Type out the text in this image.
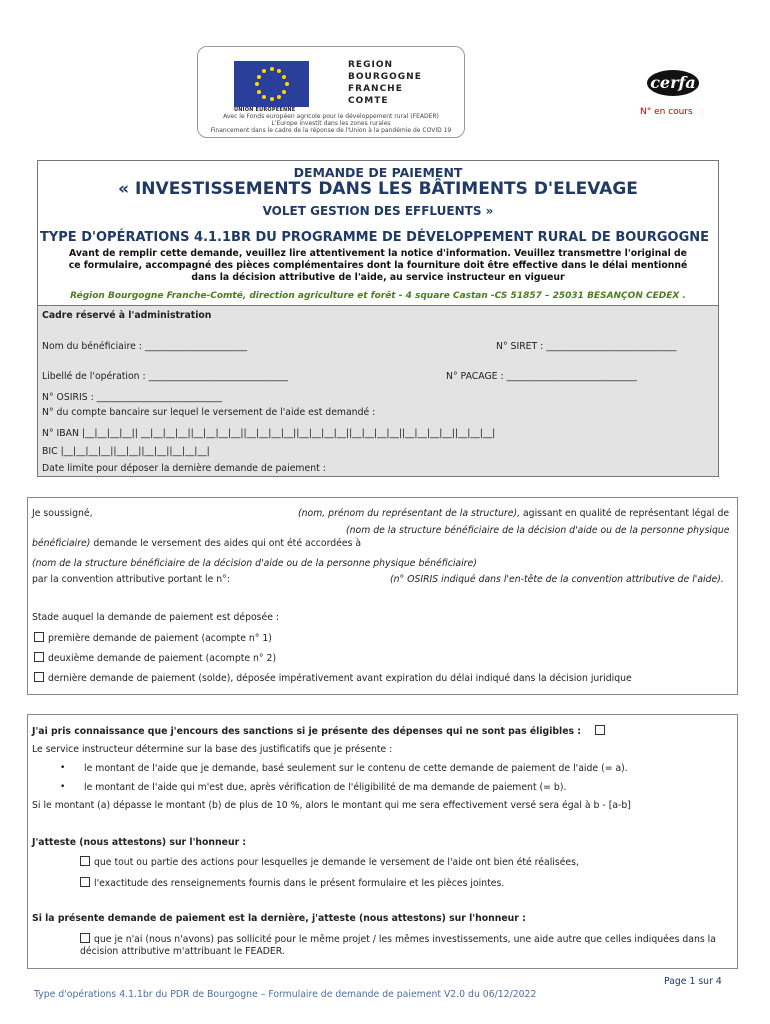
UNION EUROPEENNE
REGION
BOURGOGNE
FRANCHE
COMTE
Avec le Fonds européen agricole pour le développement rural (FEADER)
L'Europe investit dans les zones rurales
Financement dans le cadre de la réponse de l'Union à la pandémie de COVID 19
cerfa
N° en cours
DEMANDE DE PAIEMENT
« INVESTISSEMENTS DANS LES BÂTIMENTS D'ELEVAGE
VOLET GESTION DES EFFLUENTS »
TYPE D'OPÉRATIONS 4.1.1BR DU PROGRAMME DE DÉVELOPPEMENT RURAL DE BOURGOGNE
Avant de remplir cette demande, veuillez lire attentivement la notice d'information. Veuillez transmettre l'original de ce formulaire, accompagné des pièces complémentaires dont la fourniture doit être effective dans le délai mentionné dans la décision attributive de l'aide, au service instructeur en vigueur
Région Bourgogne Franche-Comté, direction agriculture et forêt - 4 square Castan -CS 51857 – 25031 BESANÇON CEDEX .
Cadre réservé à l'administration
Nom du bénéficiaire : ______________________	N° SIRET : ____________________________
Libellé de l'opération : ______________________________	N° PACAGE : ____________________________
N° OSIRIS : ___________________________
N° du compte bancaire sur lequel le versement de l'aide est demandé :
N° IBAN |__|__|__|__|| __|__|__|__||__|__|__|__||__|__|__|__||__|__|__|__||__|__|__|__||__|__|__|__||__|__|__|
BIC |__|__|__|__||__|__||__|__||__|__|__|
Date limite pour déposer la dernière demande de paiement :
Je soussigné,	(nom, prénom du représentant de la structure), agissant en qualité de représentant légal de
(nom de la structure bénéficiaire de la décision d'aide ou de la personne physique
bénéficiaire) demande le versement des aides qui ont été accordées à
(nom de la structure bénéficiaire de la décision d'aide ou de la personne physique bénéficiaire)
par la convention attributive portant le n°:	(n° OSIRIS indiqué dans l'en-tête de la convention attributive de l'aide).
Stade auquel la demande de paiement est déposée :
première demande de paiement (acompte n° 1)
deuxième demande de paiement (acompte n° 2)
dernière demande de paiement (solde), déposée impérativement avant expiration du délai indiqué dans la décision juridique
J'ai pris connaissance que j'encours des sanctions si je présente des dépenses qui ne sont pas éligibles :
Le service instructeur détermine sur la base des justificatifs que je présente :
• le montant de l'aide que je demande, basé seulement sur le contenu de cette demande de paiement de l'aide (= a).
• le montant de l'aide qui m'est due, après vérification de l'éligibilité de ma demande de paiement (= b).
Si le montant (a) dépasse le montant (b) de plus de 10 %, alors le montant qui me sera effectivement versé sera égal à b - [a-b]
J'atteste (nous attestons) sur l'honneur :
que tout ou partie des actions pour lesquelles je demande le versement de l'aide ont bien été réalisées,
l'exactitude des renseignements fournis dans le présent formulaire et les pièces jointes.
Si la présente demande de paiement est la dernière, j'atteste (nous attestons) sur l'honneur :
que je n'ai (nous n'avons) pas sollicité pour le même projet / les mêmes investissements, une aide autre que celles indiquées dans la
décision attributive m'attribuant le FEADER.
Page 1 sur 4
Type d'opérations 4.1.1br du PDR de Bourgogne – Formulaire de demande de paiement V2.0 du 06/12/2022
